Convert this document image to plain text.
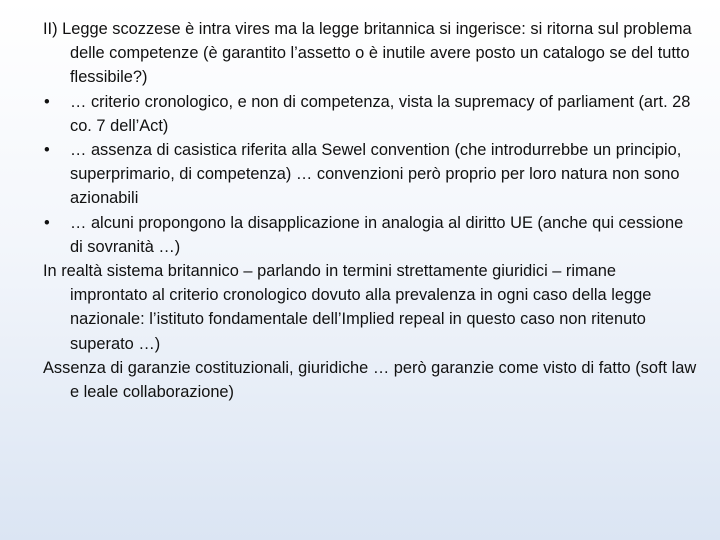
II) Legge scozzese è intra vires ma la legge britannica si ingerisce: si ritorna sul problema delle competenze (è garantito l’assetto o è inutile avere posto un catalogo se del tutto flessibile?)

• … criterio cronologico, e non di competenza, vista la supremacy of parliament (art. 28 co. 7 dell’Act)

• … assenza di casistica riferita alla Sewel convention (che introdurrebbe un principio, superprimario, di competenza) … convenzioni però proprio per loro natura non sono azionabili

• … alcuni propongono la disapplicazione in analogia al diritto UE (anche qui cessione di sovranità …)

In realtà sistema britannico – parlando in termini strettamente giuridici – rimane improntato al criterio cronologico dovuto alla prevalenza in ogni caso della legge nazionale: l’istituto fondamentale dell’Implied repeal in questo caso non ritenuto superato …)

Assenza di garanzie costituzionali, giuridiche … però garanzie come visto di fatto (soft law e leale collaborazione)
